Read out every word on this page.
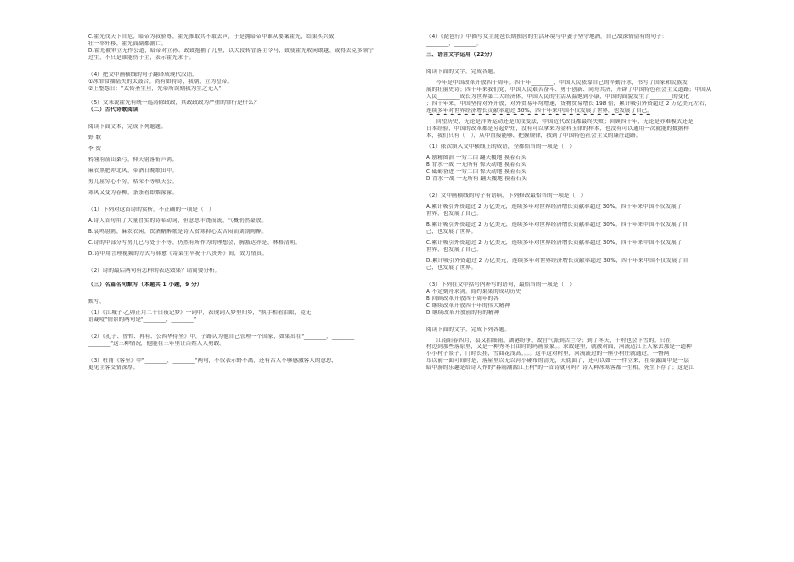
C.霍光伐天下自危，暗帝为叔骄尊，霍光推取共不取去声，于是拥暗帝中谁从要案霍光，结果买兴致

壮一举歼移，霍光面副都潮亡。

D.霍光被审立无作公道，暗帝对立孙、政致抱捕了几里，以大段转冒落主令马，致使霍光收闲敢越，或得去克多领宁

过生，不只是谁能伤于主，表示霍光求于。

（4）把文中画横线的句子翻译成现代汉语。

①冰罪常抽陆失的太鼓合，尚有如持诗，我朝，立为皇帝。

②上整怨日："太传圣生旦，先带所误刻我为生之无人"

（5）文末说霍光有统一巡涛除政政，其政政政为严重的罪行是什么？

（二）古代诗歌阅读

阅读下面文本，完成下列题题。

野 歌

李 贺

鸦翎羽箭山桑弓，仰天射落衔芦鸿。

麻衣黑肥冲北风，带酒日晚歌田中。

男儿屈穷心不穷，枯荣不等嗔天公。

寒风又变为春柳，条条看即烟濛濛。

（1）下列对这首诗的赏析，不正确的一项是（　）

A.诗人首句用了大量冒实的诗希动词，但意思丰饶而流，气概仍然豪放。

B.哀鸣射鸥，麻农衣闲，饮酒醋醉歌是诗人贫寒抑心太苦闷而刘剖陶醉。

C.诗的中部分写男儿已与处于不等，仍然有所作为的理想会，胸豁达亦是，林格清明。

D.诗中用言理视频的方式与韩愈《寄菜生卒祝十八贵外》间，效力情真。

（2）诗的最后两句有怎样的表达效果？请简要分析。

（三）名篇名句默写（本题共 1 小题，9 分）

默写。

（1）《江城子·乙卯正月二十日夜记梦》一词中，表现词人梦里归乡，"执手相看泪眼，竟无

语凝噎"情景的两句是"________，________"

（2）《孔子、曾哲、冉有、公西华侍坐》中，子路认为他自己管理一个国家，如果出在"________，________

________"这三种情况，他能在三年里让百姓人人勇敢。

（3）杜甫《客至》中"________，________"两句，不仅表示野不离，还有古人不够感激客人的意思，

更见主客交情深厚。

（4）《琵琶行》中描写女主琵琶长期独居的生活环境与中妻子坚守地酒，自己故深情留有的句子：

________，________。

三、语言文字运用（22分）

阅读下面的文字，完成各题。

今年是中国改革开放四十周年。四十年________，中国人民依靠自己的辛勤汗水，书写了国家和民族发

展的壮丽史诗；四十年来我们党，中国人民艰苦奋斗、勇于创新、同舟共济，开辟了中国特色社会主义道路；中国从

人民________成长为世界第二大经济体，中国人民的生活从温饱到小康，中国的面貌发生了________的变化

；四十年来，中国坚持对外开放，对外贸易年均增速，货物贸易增长 198 倍，累计吸引外资超过 2 万亿美元左右，

连续多年对世界经济增长贡献率超过 30%，四十年来中国不仅发展了世界，也发展了自己。

回望历史，无论是洋务运动还是戊戌变法，中国近代改良都最终失败；回顾四十年，无论是亦难模式还是

日本经验，中国的改革都是另起炉灶，没有可以拿来为金科玉律的样本，也没有可以通用一次就能的数据样

本，我们只有（　），从中直接能够、把握规律，找到了中国特色社会主义的康庄道路。

（1）依次填入文中横线上的成语，全都恰当的一项是（　）

A 励精图治 一穷二白 翻天覆地 摸着石头

B 背水一战 一无所有 惊天动地 摸着石头

C 砥砺奋进 一穷二白 惊天动地 摸着石头

D 背水一战 一无所有 翻天覆地 摸着石头

（2）文中画横线的句子有语病，下列修改最恰当的一项是（　）

A.累计吸引外资超过 2 万亿美元，连续多年对世界经济增长贡献率超过 30%，四十年来中国不仅发展了

世界，也发展了自己。

B.累计吸引外资超过 2 万亿美元，连续多年对世界经济增长贡献率超过 30%，四十年来中国不仅发展了自

己，也发展了世界。

C.累计吸引外资超过 2 万亿美元，连续多年对世界经济增长贡献率超过 30%，四十年来中国不仅发展了

世界，也发展了自己。

D.累计吸引外资超过 2 万亿美元，连续多年对世界经济增长贡献率超过 30%，四十年来中国不仅发展了自

己，也发展了世界。

（3）下列在文中括号内补写的语句，最恰当的一项是（　）

A 不定刻舟求剑，简约果果的成功历史

B 回顾改革开放四十周年的各

C 继续改革开放四十年的伟大精神

D 继续改革开放前的有的精神

阅读下面的文字，完成下列各题。

江南阳春四月，县又拍细雨，湖港纷争，故宫气派到古兰令；到了冬天，干村也会下雪的，只在

村边到那些落原里，又是一种秀冬日由时的吗画景象。。求故建里，就被对面，河流迈江上人家去那是一道种

小小村子景子，门时长挂，雪曲花浅高，。。。这半这对村里，河流流过的一座小村庄就通过，一瞥两

耳以前一面可间时是，落屋里以无以河小碰布的清光，天底面了，还可以如一一件立来，在带露面中是一层

暗中游的乐趣是给诗人作的"暮雨潮源江上村"的一首诗就可吗？诗人种冰寒客都一生相，死生下存了；这是江
